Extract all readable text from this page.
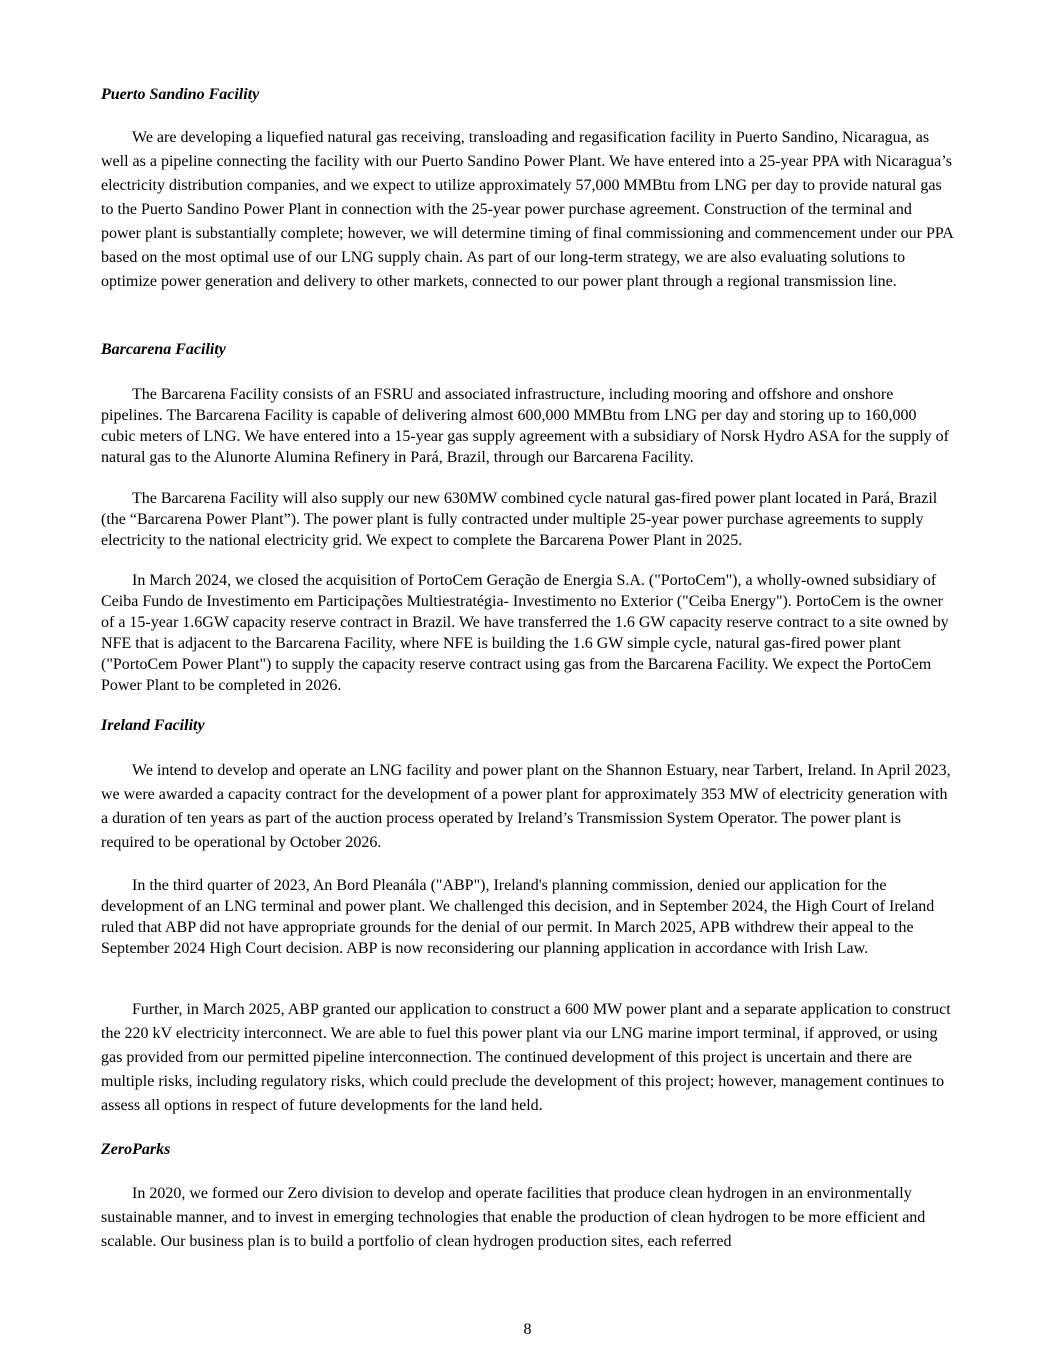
Puerto Sandino Facility

We are developing a liquefied natural gas receiving, transloading and regasification facility in Puerto Sandino, Nicaragua, as well as a pipeline connecting the facility with our Puerto Sandino Power Plant. We have entered into a 25-year PPA with Nicaragua’s electricity distribution companies, and we expect to utilize approximately 57,000 MMBtu from LNG per day to provide natural gas to the Puerto Sandino Power Plant in connection with the 25-year power purchase agreement. Construction of the terminal and power plant is substantially complete; however, we will determine timing of final commissioning and commencement under our PPA based on the most optimal use of our LNG supply chain. As part of our long-term strategy, we are also evaluating solutions to optimize power generation and delivery to other markets, connected to our power plant through a regional transmission line.

Barcarena Facility

The Barcarena Facility consists of an FSRU and associated infrastructure, including mooring and offshore and onshore pipelines. The Barcarena Facility is capable of delivering almost 600,000 MMBtu from LNG per day and storing up to 160,000 cubic meters of LNG. We have entered into a 15-year gas supply agreement with a subsidiary of Norsk Hydro ASA for the supply of natural gas to the Alunorte Alumina Refinery in Pará, Brazil, through our Barcarena Facility.

The Barcarena Facility will also supply our new 630MW combined cycle natural gas-fired power plant located in Pará, Brazil (the “Barcarena Power Plant”). The power plant is fully contracted under multiple 25-year power purchase agreements to supply electricity to the national electricity grid. We expect to complete the Barcarena Power Plant in 2025.

In March 2024, we closed the acquisition of PortoCem Geração de Energia S.A. ("PortoCem"), a wholly-owned subsidiary of Ceiba Fundo de Investimento em Participações Multiestratégia- Investimento no Exterior ("Ceiba Energy"). PortoCem is the owner of a 15-year 1.6GW capacity reserve contract in Brazil. We have transferred the 1.6 GW capacity reserve contract to a site owned by NFE that is adjacent to the Barcarena Facility, where NFE is building the 1.6 GW simple cycle, natural gas-fired power plant ("PortoCem Power Plant") to supply the capacity reserve contract using gas from the Barcarena Facility. We expect the PortoCem Power Plant to be completed in 2026.

Ireland Facility

We intend to develop and operate an LNG facility and power plant on the Shannon Estuary, near Tarbert, Ireland. In April 2023, we were awarded a capacity contract for the development of a power plant for approximately 353 MW of electricity generation with a duration of ten years as part of the auction process operated by Ireland’s Transmission System Operator. The power plant is required to be operational by October 2026.

In the third quarter of 2023, An Bord Pleanála ("ABP"), Ireland's planning commission, denied our application for the development of an LNG terminal and power plant. We challenged this decision, and in September 2024, the High Court of Ireland ruled that ABP did not have appropriate grounds for the denial of our permit. In March 2025, APB withdrew their appeal to the September 2024 High Court decision. ABP is now reconsidering our planning application in accordance with Irish Law.

Further, in March 2025, ABP granted our application to construct a 600 MW power plant and a separate application to construct the 220 kV electricity interconnect. We are able to fuel this power plant via our LNG marine import terminal, if approved, or using gas provided from our permitted pipeline interconnection. The continued development of this project is uncertain and there are multiple risks, including regulatory risks, which could preclude the development of this project; however, management continues to assess all options in respect of future developments for the land held.

ZeroParks

In 2020, we formed our Zero division to develop and operate facilities that produce clean hydrogen in an environmentally sustainable manner, and to invest in emerging technologies that enable the production of clean hydrogen to be more efficient and scalable. Our business plan is to build a portfolio of clean hydrogen production sites, each referred

8
